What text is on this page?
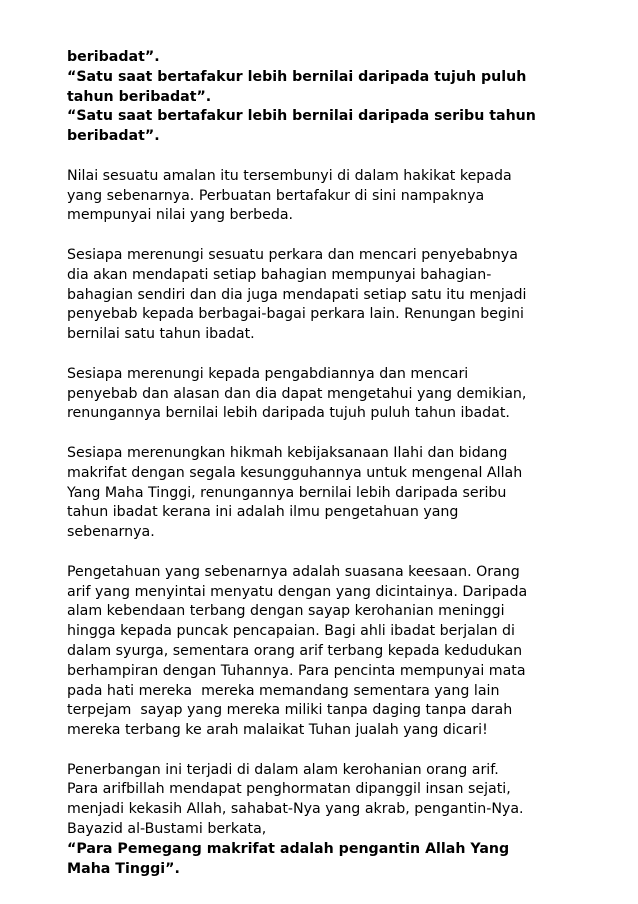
beribadat”.
“Satu saat bertafakur lebih bernilai daripada tujuh puluh
tahun beribadat”.
“Satu saat bertafakur lebih bernilai daripada seribu tahun
beribadat”.

Nilai sesuatu amalan itu tersembunyi di dalam hakikat kepada
yang sebenarnya. Perbuatan bertafakur di sini nampaknya
mempunyai nilai yang berbeda.

Sesiapa merenungi sesuatu perkara dan mencari penyebabnya
dia akan mendapati setiap bahagian mempunyai bahagian-
bahagian sendiri dan dia juga mendapati setiap satu itu menjadi
penyebab kepada berbagai-bagai perkara lain. Renungan begini
bernilai satu tahun ibadat.

Sesiapa merenungi kepada pengabdiannya dan mencari
penyebab dan alasan dan dia dapat mengetahui yang demikian,
renungannya bernilai lebih daripada tujuh puluh tahun ibadat.

Sesiapa merenungkan hikmah kebijaksanaan Ilahi dan bidang
makrifat dengan segala kesungguhannya untuk mengenal Allah
Yang Maha Tinggi, renungannya bernilai lebih daripada seribu
tahun ibadat kerana ini adalah ilmu pengetahuan yang
sebenarnya.

Pengetahuan yang sebenarnya adalah suasana keesaan. Orang
arif yang menyintai menyatu dengan yang dicintainya. Daripada
alam kebendaan terbang dengan sayap kerohanian meninggi
hingga kepada puncak pencapaian. Bagi ahli ibadat berjalan di
dalam syurga, sementara orang arif terbang kepada kedudukan
berhampiran dengan Tuhannya. Para pencinta mempunyai mata
pada hati mereka  mereka memandang sementara yang lain
terpejam  sayap yang mereka miliki tanpa daging tanpa darah
mereka terbang ke arah malaikat Tuhan jualah yang dicari!

Penerbangan ini terjadi di dalam alam kerohanian orang arif.
Para arifbillah mendapat penghormatan dipanggil insan sejati,
menjadi kekasih Allah, sahabat-Nya yang akrab, pengantin-Nya.
Bayazid al-Bustami berkata,
“Para Pemegang makrifat adalah pengantin Allah Yang
Maha Tinggi”.
